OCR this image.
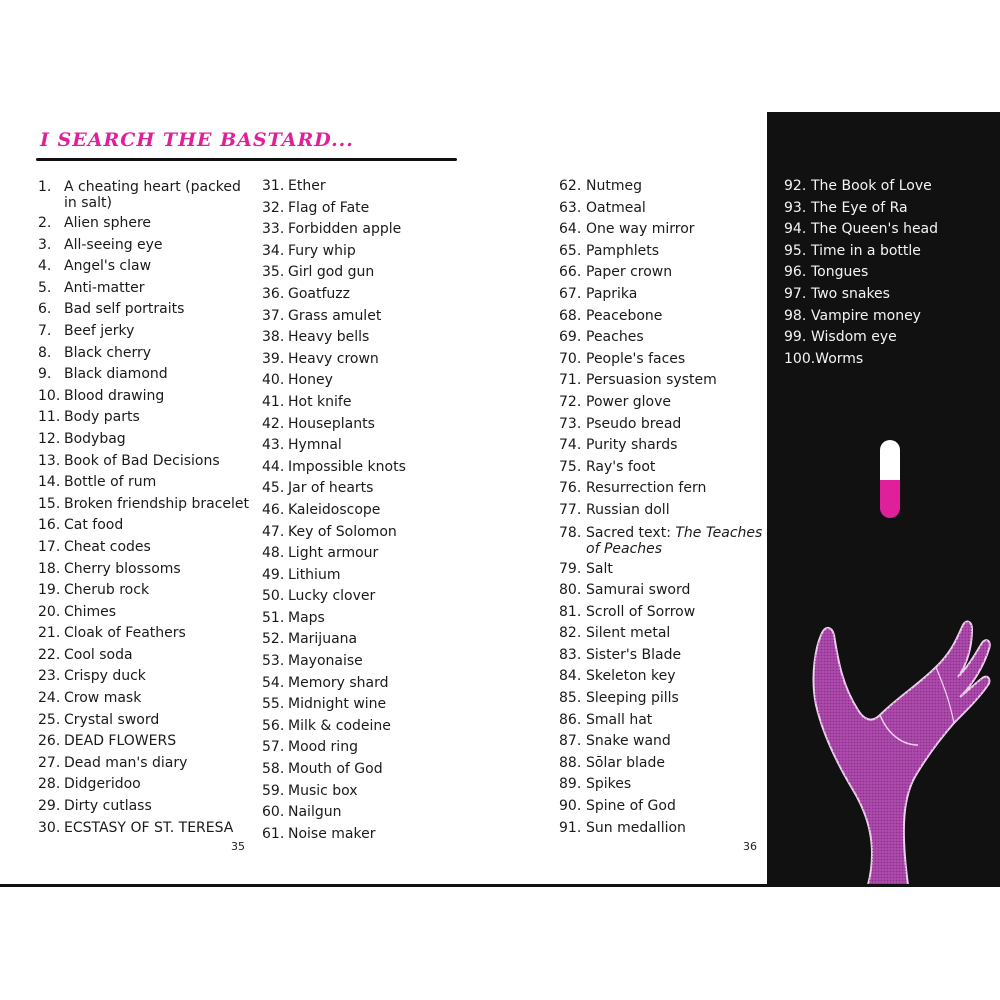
I SEARCH THE BASTARD...
1. A cheating heart (packed in salt)
2. Alien sphere
3. All-seeing eye
4. Angel's claw
5. Anti-matter
6. Bad self portraits
7. Beef jerky
8. Black cherry
9. Black diamond
10. Blood drawing
11. Body parts
12. Bodybag
13. Book of Bad Decisions
14. Bottle of rum
15. Broken friendship bracelet
16. Cat food
17. Cheat codes
18. Cherry blossoms
19. Cherub rock
20. Chimes
21. Cloak of Feathers
22. Cool soda
23. Crispy duck
24. Crow mask
25. Crystal sword
26. DEAD FLOWERS
27. Dead man's diary
28. Didgeridoo
29. Dirty cutlass
30. ECSTASY OF ST. TERESA
31. Ether
32. Flag of Fate
33. Forbidden apple
34. Fury whip
35. Girl god gun
36. Goatfuzz
37. Grass amulet
38. Heavy bells
39. Heavy crown
40. Honey
41. Hot knife
42. Houseplants
43. Hymnal
44. Impossible knots
45. Jar of hearts
46. Kaleidoscope
47. Key of Solomon
48. Light armour
49. Lithium
50. Lucky clover
51. Maps
52. Marijuana
53. Mayonaise
54. Memory shard
55. Midnight wine
56. Milk & codeine
57. Mood ring
58. Mouth of God
59. Music box
60. Nailgun
61. Noise maker
62. Nutmeg
63. Oatmeal
64. One way mirror
65. Pamphlets
66. Paper crown
67. Paprika
68. Peacebone
69. Peaches
70. People's faces
71. Persuasion system
72. Power glove
73. Pseudo bread
74. Purity shards
75. Ray's foot
76. Resurrection fern
77. Russian doll
78. Sacred text: The Teaches of Peaches
79. Salt
80. Samurai sword
81. Scroll of Sorrow
82. Silent metal
83. Sister's Blade
84. Skeleton key
85. Sleeping pills
86. Small hat
87. Snake wand
88. Sōlar blade
89. Spikes
90. Spine of God
91. Sun medallion
92. The Book of Love
93. The Eye of Ra
94. The Queen's head
95. Time in a bottle
96. Tongues
97. Two snakes
98. Vampire money
99. Wisdom eye
100. Worms
35	36
